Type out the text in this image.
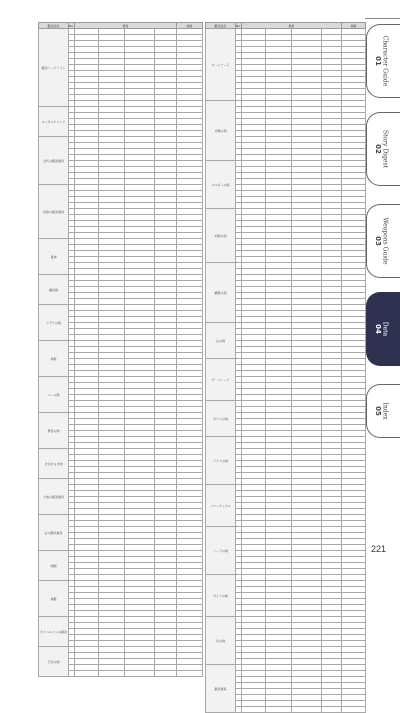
鍛冶品名	No.	素材				価格
鍛冶ソードライン						

ロンダルクワンド						

古代の鍛冶道具						

灼熱の鍛冶道具						

鬼神						

魔法剣						

ラグナの剣						

神聖						

ベース剣						

勇者の剣						

けがれなき剣						

大地の鍛冶道具						

古の鍛冶道具						

剣剛						

竜鍛						

オリハルコンの鍛冶						

天空の剣						

鍛冶品名	No.	素材				価格
ボーンソード						

光輝の剣						

ホルダーの剣						

灼熱の剣						

精霊の剣						

古の剣						

ザ・ブレード						

ゼウスの剣						

アクアの剣						

パワーナックル						

ソードの剣						

ガイアの剣						

光の剣						

鍛冶道具						

01 Character Guide
02 Story Digest
03 Weapons Guide
04 Data
05 Index
221
